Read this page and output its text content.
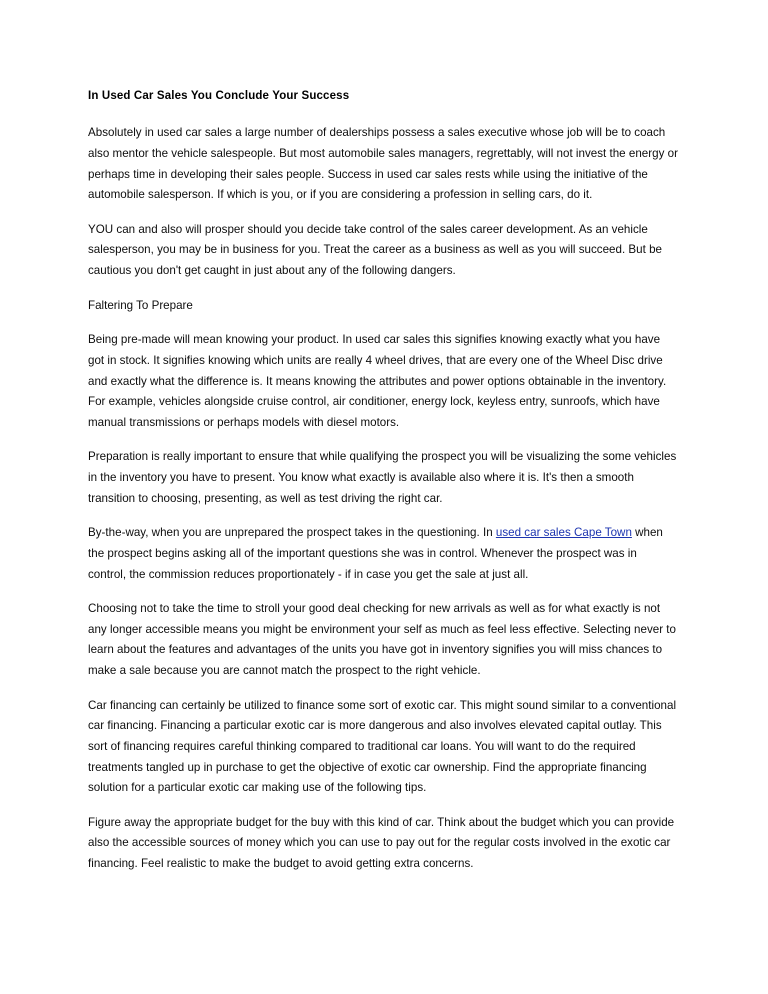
In Used Car Sales You Conclude Your Success

Absolutely in used car sales a large number of dealerships possess a sales executive whose job will be to coach also mentor the vehicle salespeople. But most automobile sales managers, regrettably, will not invest the energy or perhaps time in developing their sales people. Success in used car sales rests while using the initiative of the automobile salesperson. If which is you, or if you are considering a profession in selling cars, do it.

YOU can and also will prosper should you decide take control of the sales career development. As an vehicle salesperson, you may be in business for you. Treat the career as a business as well as you will succeed. But be cautious you don't get caught in just about any of the following dangers.

Faltering To Prepare

Being pre-made will mean knowing your product. In used car sales this signifies knowing exactly what you have got in stock. It signifies knowing which units are really 4 wheel drives, that are every one of the Wheel Disc drive and exactly what the difference is. It means knowing the attributes and power options obtainable in the inventory. For example, vehicles alongside cruise control, air conditioner, energy lock, keyless entry, sunroofs, which have manual transmissions or perhaps models with diesel motors.

Preparation is really important to ensure that while qualifying the prospect you will be visualizing the some vehicles in the inventory you have to present. You know what exactly is available also where it is. It's then a smooth transition to choosing, presenting, as well as test driving the right car.

By-the-way, when you are unprepared the prospect takes in the questioning. In used car sales Cape Town when the prospect begins asking all of the important questions she was in control. Whenever the prospect was in control, the commission reduces proportionately - if in case you get the sale at just all.

Choosing not to take the time to stroll your good deal checking for new arrivals as well as for what exactly is not any longer accessible means you might be environment your self as much as feel less effective. Selecting never to learn about the features and advantages of the units you have got in inventory signifies you will miss chances to make a sale because you are cannot match the prospect to the right vehicle.

Car financing can certainly be utilized to finance some sort of exotic car. This might sound similar to a conventional car financing. Financing a particular exotic car is more dangerous and also involves elevated capital outlay. This sort of financing requires careful thinking compared to traditional car loans. You will want to do the required treatments tangled up in purchase to get the objective of exotic car ownership. Find the appropriate financing solution for a particular exotic car making use of the following tips.

Figure away the appropriate budget for the buy with this kind of car. Think about the budget which you can provide also the accessible sources of money which you can use to pay out for the regular costs involved in the exotic car financing. Feel realistic to make the budget to avoid getting extra concerns.
